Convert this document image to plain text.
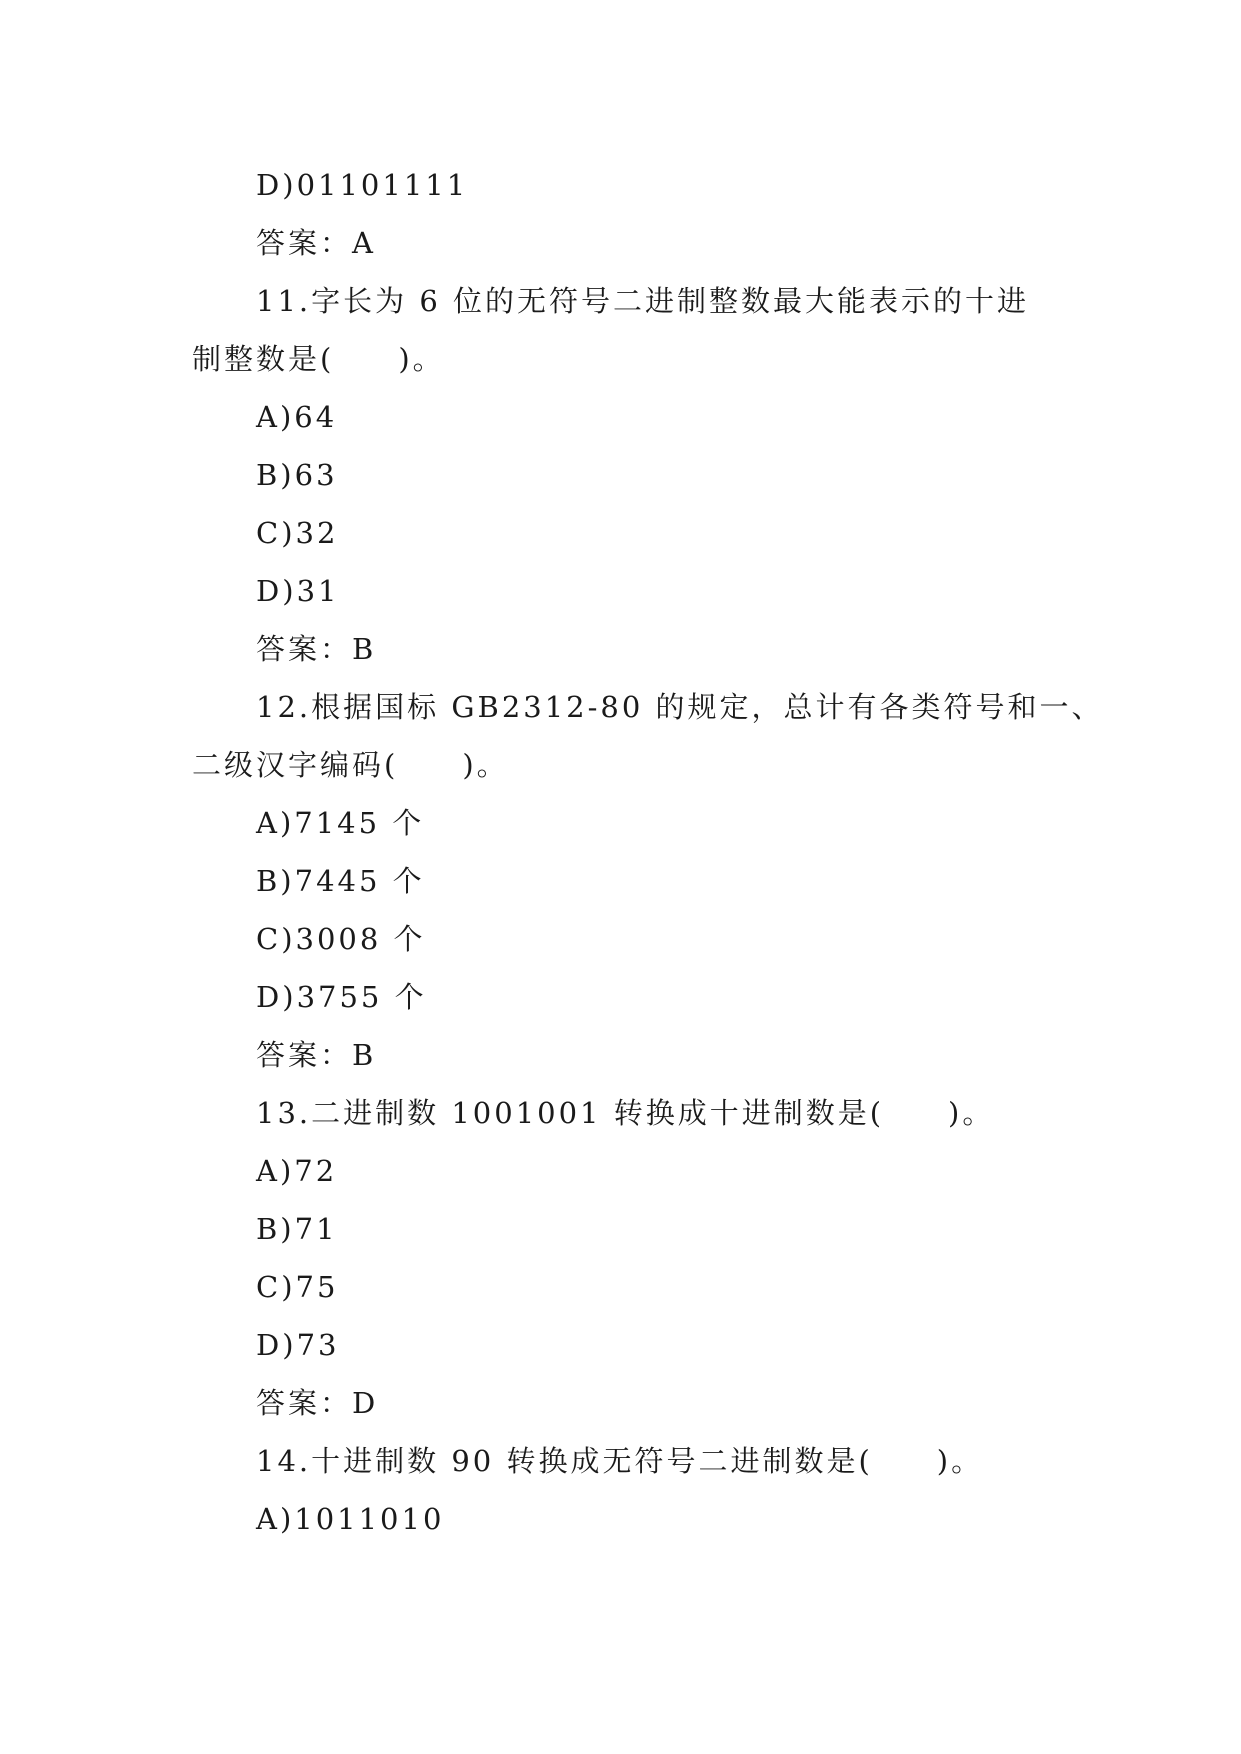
D)01101111

答案：A

11.字长为 6 位的无符号二进制整数最大能表示的十进

制整数是(　　)。

A)64

B)63

C)32

D)31

答案：B

12.根据国标 GB2312-80 的规定，总计有各类符号和一、

二级汉字编码(　　)。

A)7145 个

B)7445 个

C)3008 个

D)3755 个

答案：B

13.二进制数 1001001 转换成十进制数是(　　)。

A)72

B)71

C)75

D)73

答案：D

14.十进制数 90 转换成无符号二进制数是(　　)。

A)1011010
